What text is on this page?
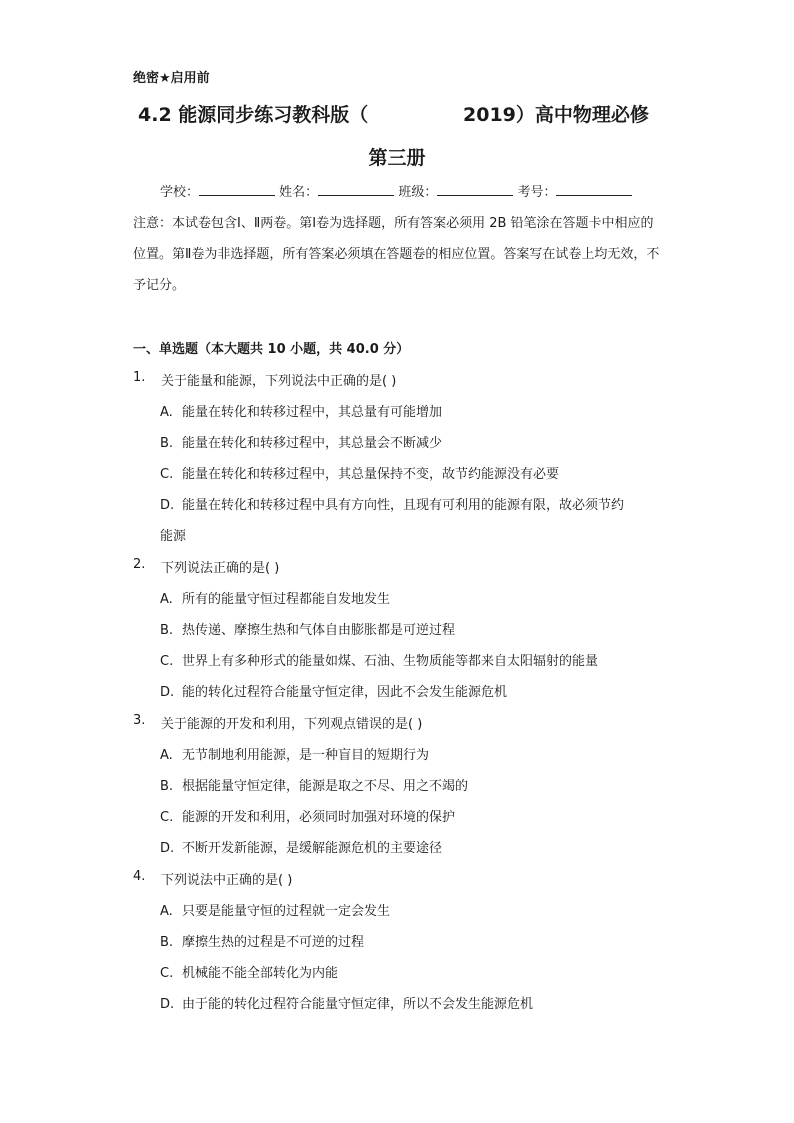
绝密★启用前
4.2 能源同步练习教科版（	2019）高中物理必修
第三册
学校：	姓名：	班级：	考号：
注意：本试卷包含Ⅰ、Ⅱ两卷。第Ⅰ卷为选择题，所有答案必须用 2B 铅笔涂在答题卡中相应的位置。第Ⅱ卷为非选择题，所有答案必须填在答题卷的相应位置。答案写在试卷上均无效，不予记分。
一、单选题（本大题共 10 小题，共 40.0 分）
1. 关于能量和能源，下列说法中正确的是( )
A. 能量在转化和转移过程中，其总量有可能增加
B. 能量在转化和转移过程中，其总量会不断减少
C. 能量在转化和转移过程中，其总量保持不变，故节约能源没有必要
D. 能量在转化和转移过程中具有方向性，且现有可利用的能源有限，故必须节约
能源
2. 下列说法正确的是( )
A. 所有的能量守恒过程都能自发地发生
B. 热传递、摩擦生热和气体自由膨胀都是可逆过程
C. 世界上有多种形式的能量如煤、石油、生物质能等都来自太阳辐射的能量
D. 能的转化过程符合能量守恒定律，因此不会发生能源危机
3. 关于能源的开发和利用，下列观点错误的是( )
A. 无节制地利用能源，是一种盲目的短期行为
B. 根据能量守恒定律，能源是取之不尽、用之不竭的
C. 能源的开发和利用，必须同时加强对环境的保护
D. 不断开发新能源，是缓解能源危机的主要途径
4. 下列说法中正确的是( )
A. 只要是能量守恒的过程就一定会发生
B. 摩擦生热的过程是不可逆的过程
C. 机械能不能全部转化为内能
D. 由于能的转化过程符合能量守恒定律，所以不会发生能源危机
